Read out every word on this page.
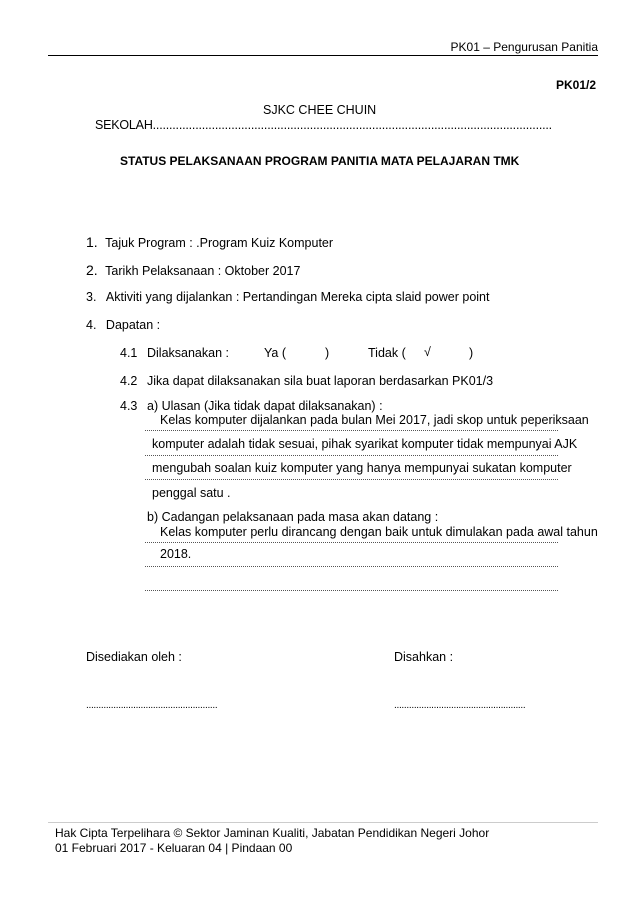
PK01 – Pengurusan Panitia
PK01/2
SJKC CHEE CHUIN
SEKOLAH..........................................................................................................................
STATUS PELAKSANAAN PROGRAM PANITIA MATA PELAJARAN TMK
1. Tajuk Program : .Program Kuiz Komputer
2. Tarikh Pelaksanaan : Oktober 2017
3. Aktiviti yang dijalankan : Pertandingan Mereka cipta slaid power point
4. Dapatan :
4.1 Dilaksanakan :	Ya (	)	Tidak ( √	)
4.2 Jika dapat dilaksanakan sila buat laporan berdasarkan PK01/3
4.3 a) Ulasan (Jika tidak dapat dilaksanakan) :
Kelas komputer dijalankan pada bulan Mei 2017, jadi skop untuk peperiksaan
komputer adalah tidak sesuai, pihak syarikat komputer tidak mempunyai AJK
mengubah soalan kuiz komputer yang hanya mempunyai sukatan komputer
penggal satu .
b) Cadangan pelaksanaan pada masa akan datang :
Kelas komputer perlu dirancang dengan baik untuk dimulakan pada awal tahun
2018.
Disediakan oleh :	Disahkan :
.....................................................	.....................................................
Hak Cipta Terpelihara © Sektor Jaminan Kualiti, Jabatan Pendidikan Negeri Johor
01 Februari 2017 - Keluaran 04 | Pindaan 00
